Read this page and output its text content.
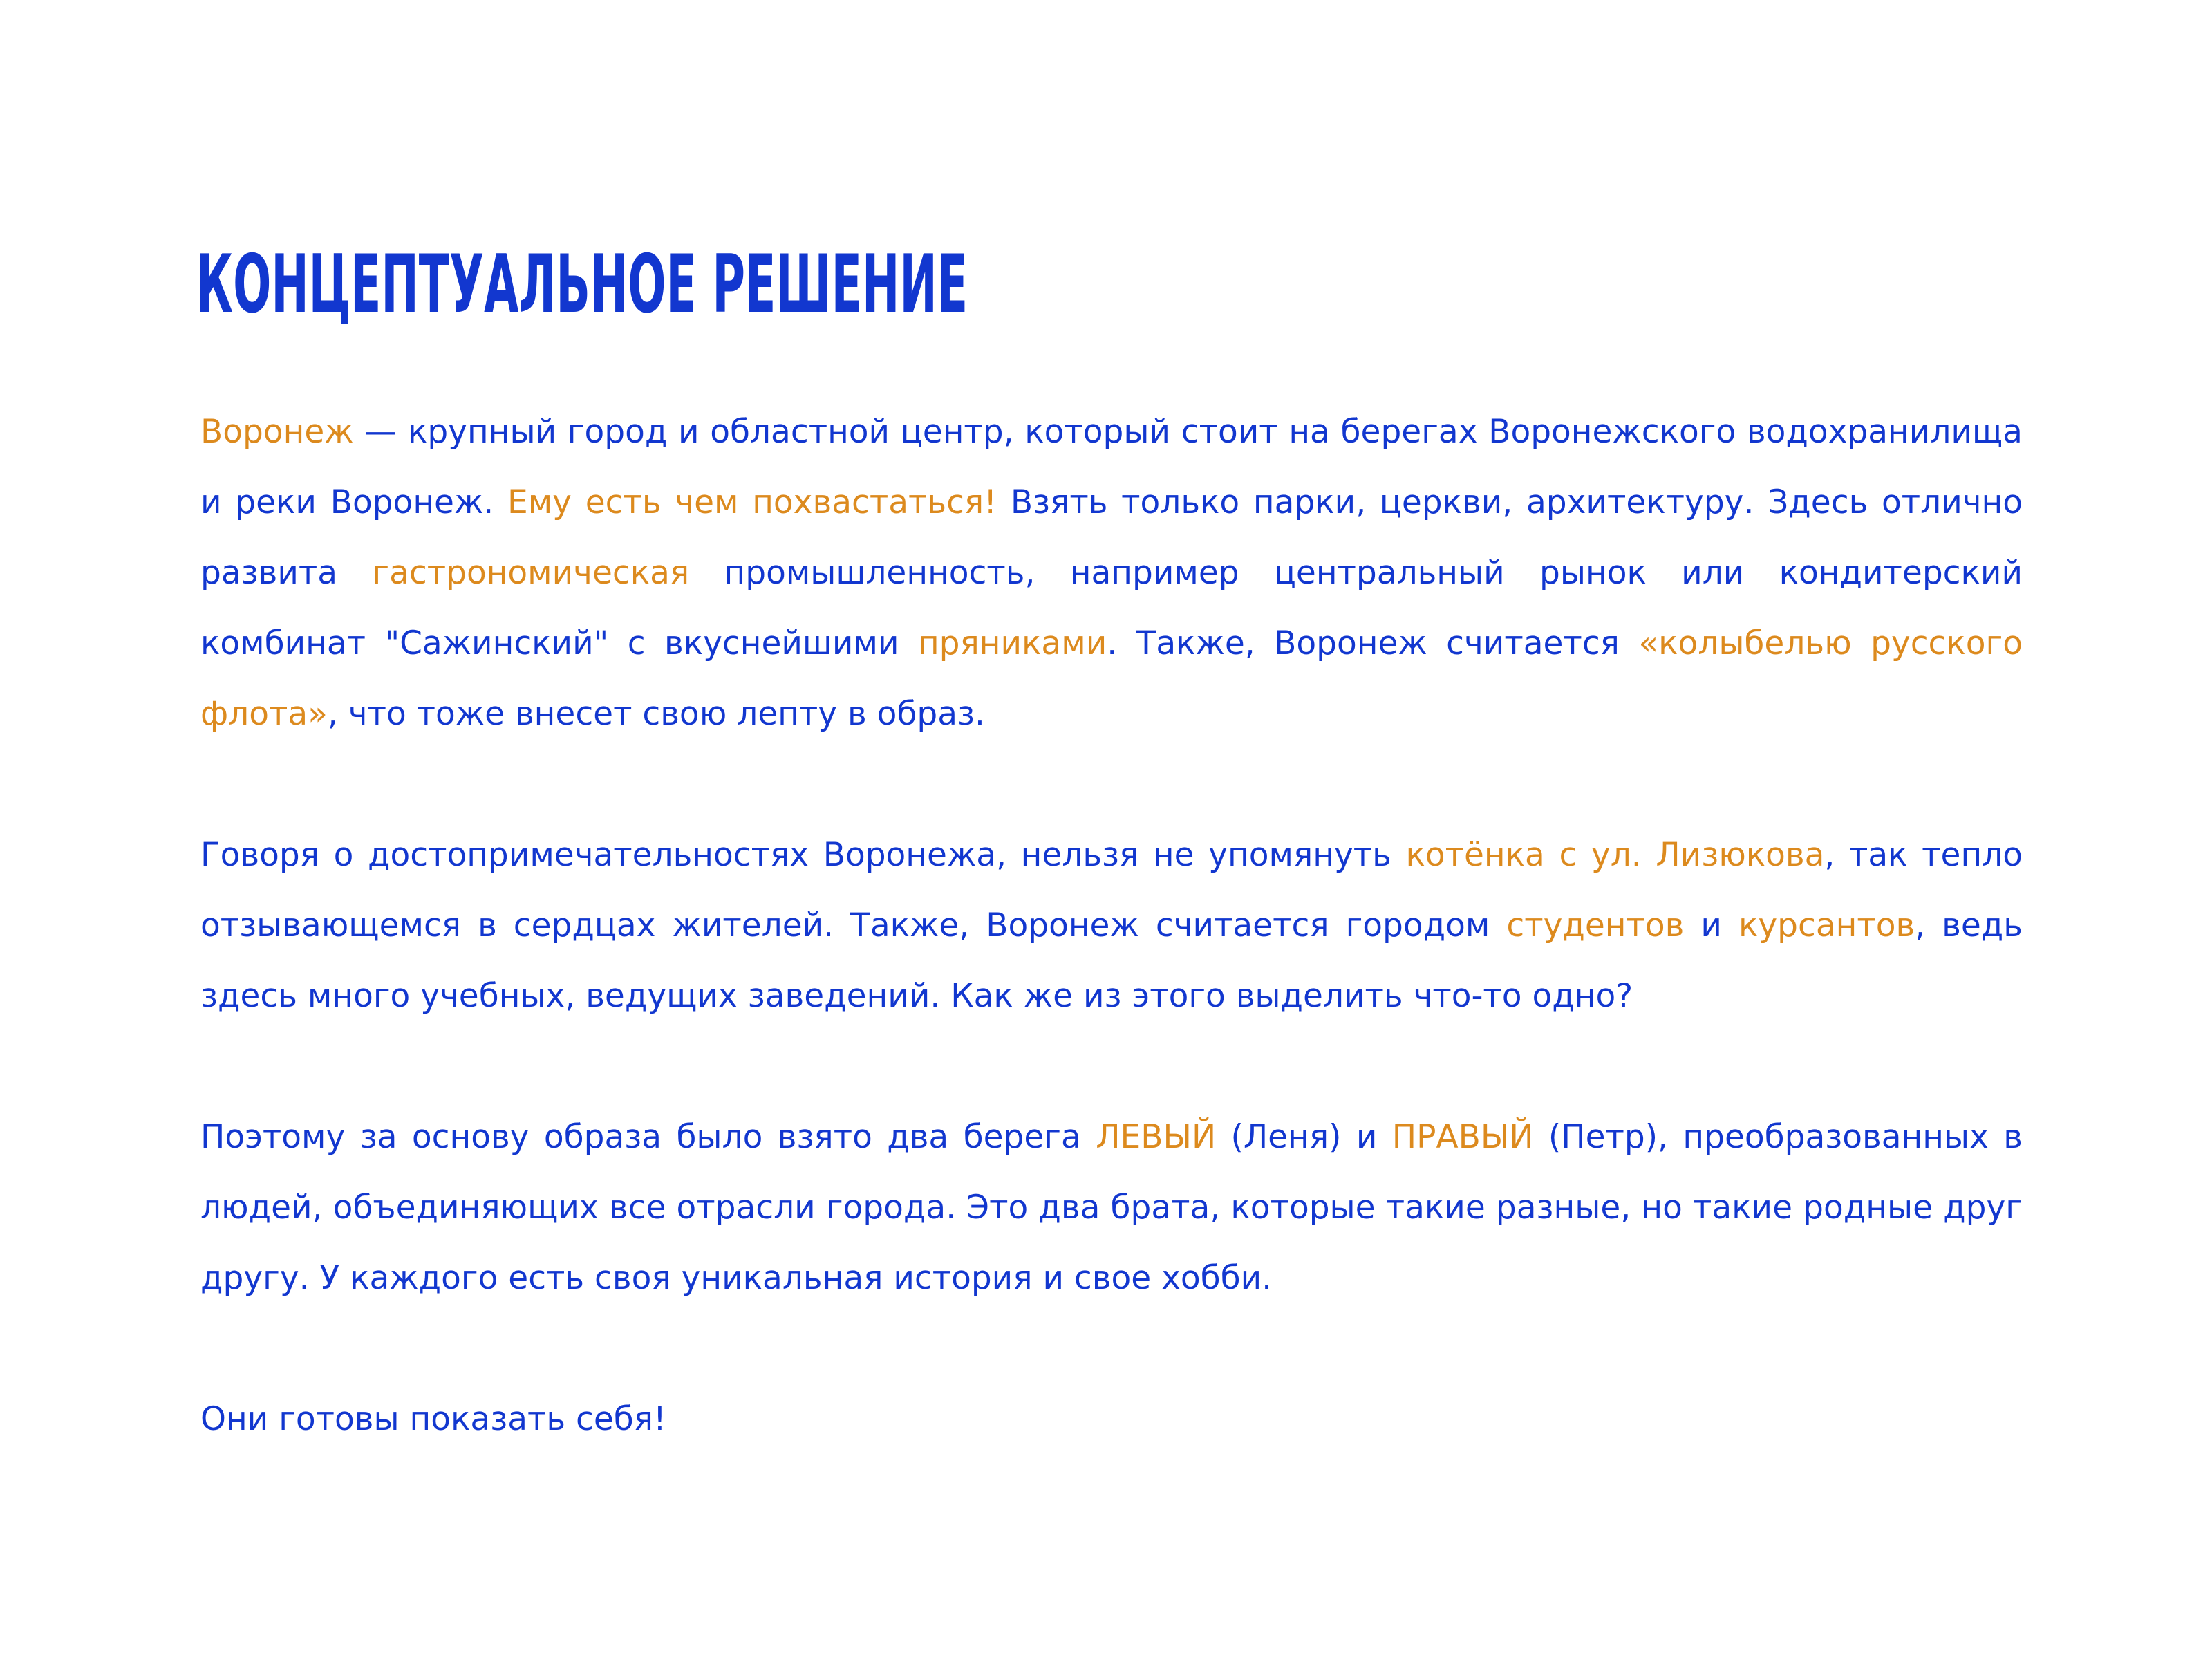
КОНЦЕПТУАЛЬНОЕ РЕШЕНИЕ

Воронеж — крупный город и областной центр, который стоит на берегах Воронежского водохранилища и реки Воронеж. Ему есть чем похвастаться! Взять только парки, церкви, архитектуру. Здесь отлично развита гастрономическая промышленность, например центральный рынок или кондитерский комбинат "Сажинский" с вкуснейшими пряниками. Также, Воронеж считается «колыбелью русского флота», что тоже внесет свою лепту в образ.

Говоря о достопримечательностях Воронежа, нельзя не упомянуть котёнка с ул. Лизюкова, так тепло отзывающемся в сердцах жителей. Также, Воронеж считается городом студентов и курсантов, ведь здесь много учебных, ведущих заведений. Как же из этого выделить что-то одно?

Поэтому за основу образа было взято два берега ЛЕВЫЙ (Леня) и ПРАВЫЙ (Петр), преобразованных в людей, объединяющих все отрасли города. Это два брата, которые такие разные, но такие родные друг другу. У каждого есть своя уникальная история и свое хобби.

Они готовы показать себя!
